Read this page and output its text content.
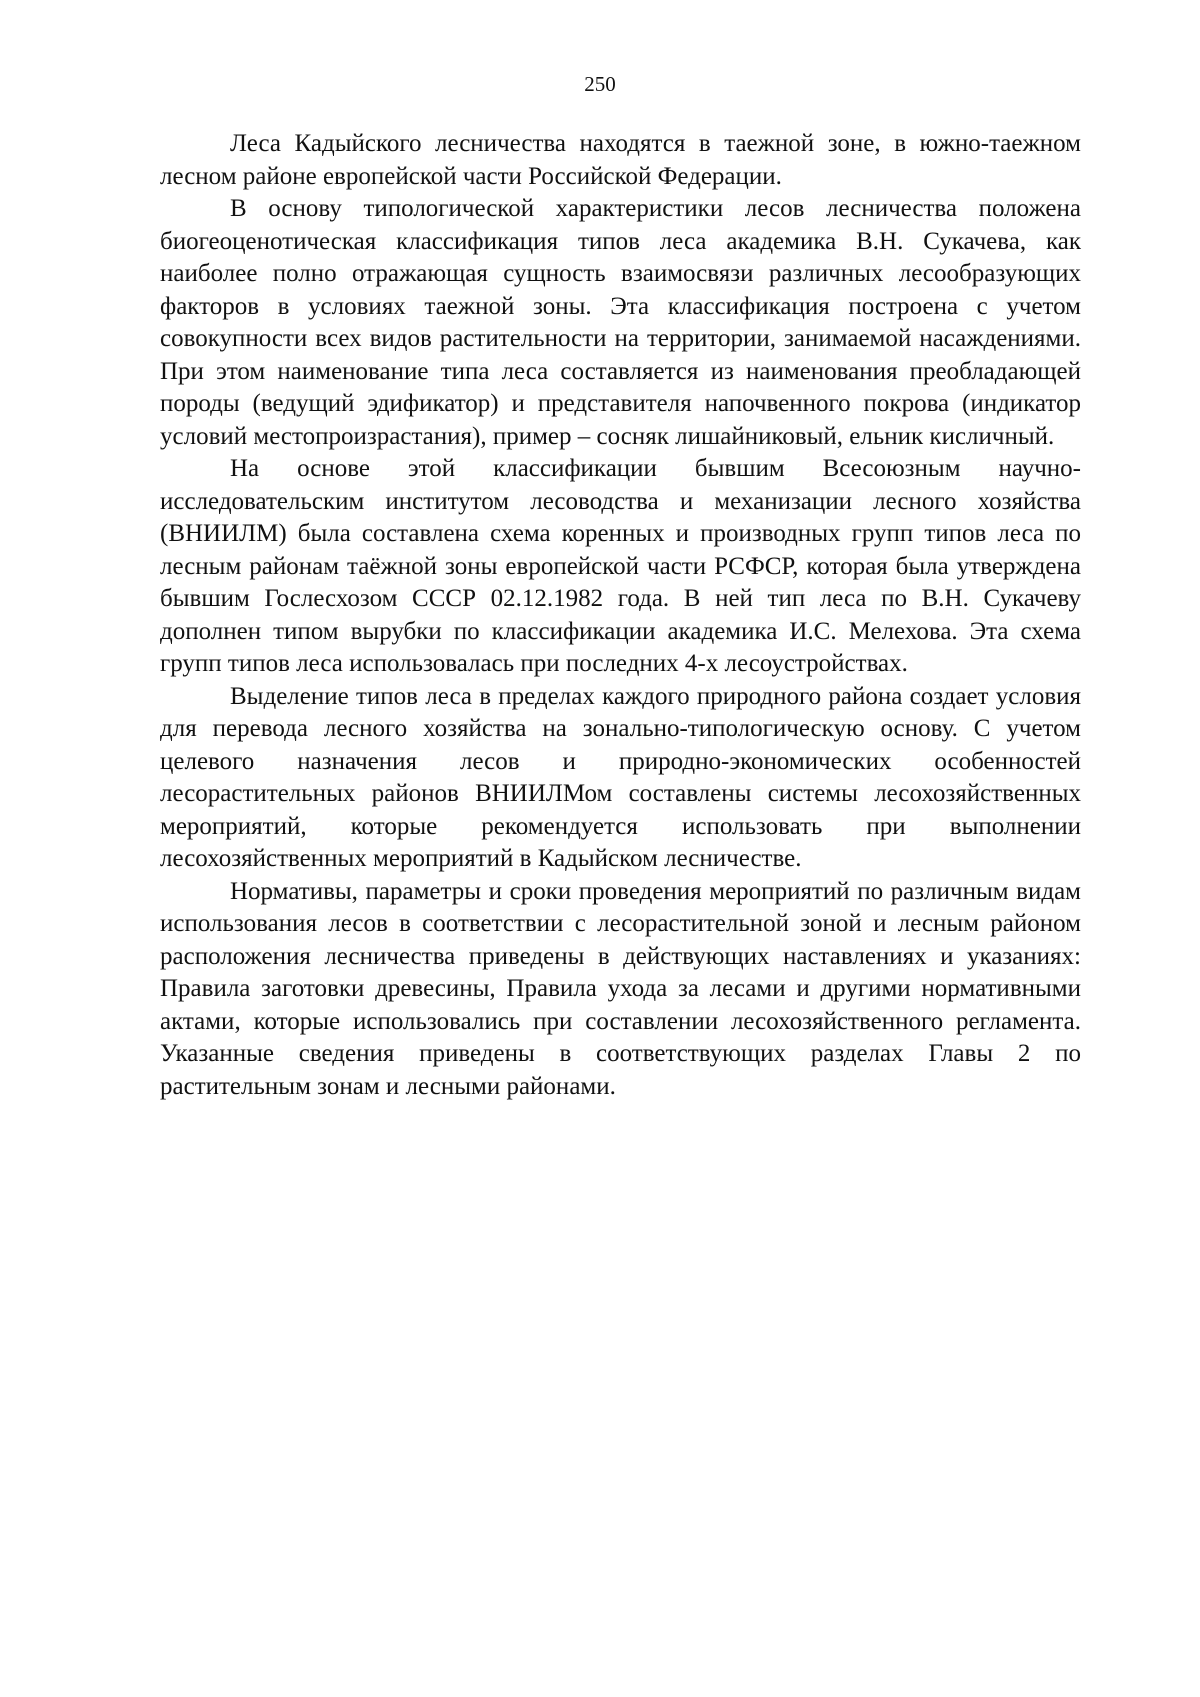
250

Леса Кадыйского лесничества находятся в таежной зоне, в южно-таежном лесном районе европейской части Российской Федерации.

В основу типологической характеристики лесов лесничества положена биогеоценотическая классификация типов леса академика В.Н. Сукачева, как наиболее полно отражающая сущность взаимосвязи различных лесообразующих факторов в условиях таежной зоны. Эта классификация построена с учетом совокупности всех видов растительности на территории, занимаемой насаждениями. При этом наименование типа леса составляется из наименования преобладающей породы (ведущий эдификатор) и представителя напочвенного покрова (индикатор условий местопроизрастания), пример – сосняк лишайниковый, ельник кисличный.

На основе этой классификации бывшим Всесоюзным научно-исследовательским институтом лесоводства и механизации лесного хозяйства (ВНИИЛМ) была составлена схема коренных и производных групп типов леса по лесным районам таёжной зоны европейской части РСФСР, которая была утверждена бывшим Гослесхозом СССР 02.12.1982 года. В ней тип леса по В.Н. Сукачеву дополнен типом вырубки по классификации академика И.С. Мелехова. Эта схема групп типов леса использовалась при последних 4-х лесоустройствах.

Выделение типов леса в пределах каждого природного района создает условия для перевода лесного хозяйства на зонально-типологическую основу. С учетом целевого назначения лесов и природно-экономических особенностей лесорастительных районов ВНИИЛМом составлены системы лесохозяйственных мероприятий, которые рекомендуется использовать при выполнении лесохозяйственных мероприятий в Кадыйском лесничестве.

Нормативы, параметры и сроки проведения мероприятий по различным видам использования лесов в соответствии с лесорастительной зоной и лесным районом расположения лесничества приведены в действующих наставлениях и указаниях: Правила заготовки древесины, Правила ухода за лесами и другими нормативными актами, которые использовались при составлении лесохозяйственного регламента. Указанные сведения приведены в соответствующих разделах Главы 2 по растительным зонам и лесными районами.
